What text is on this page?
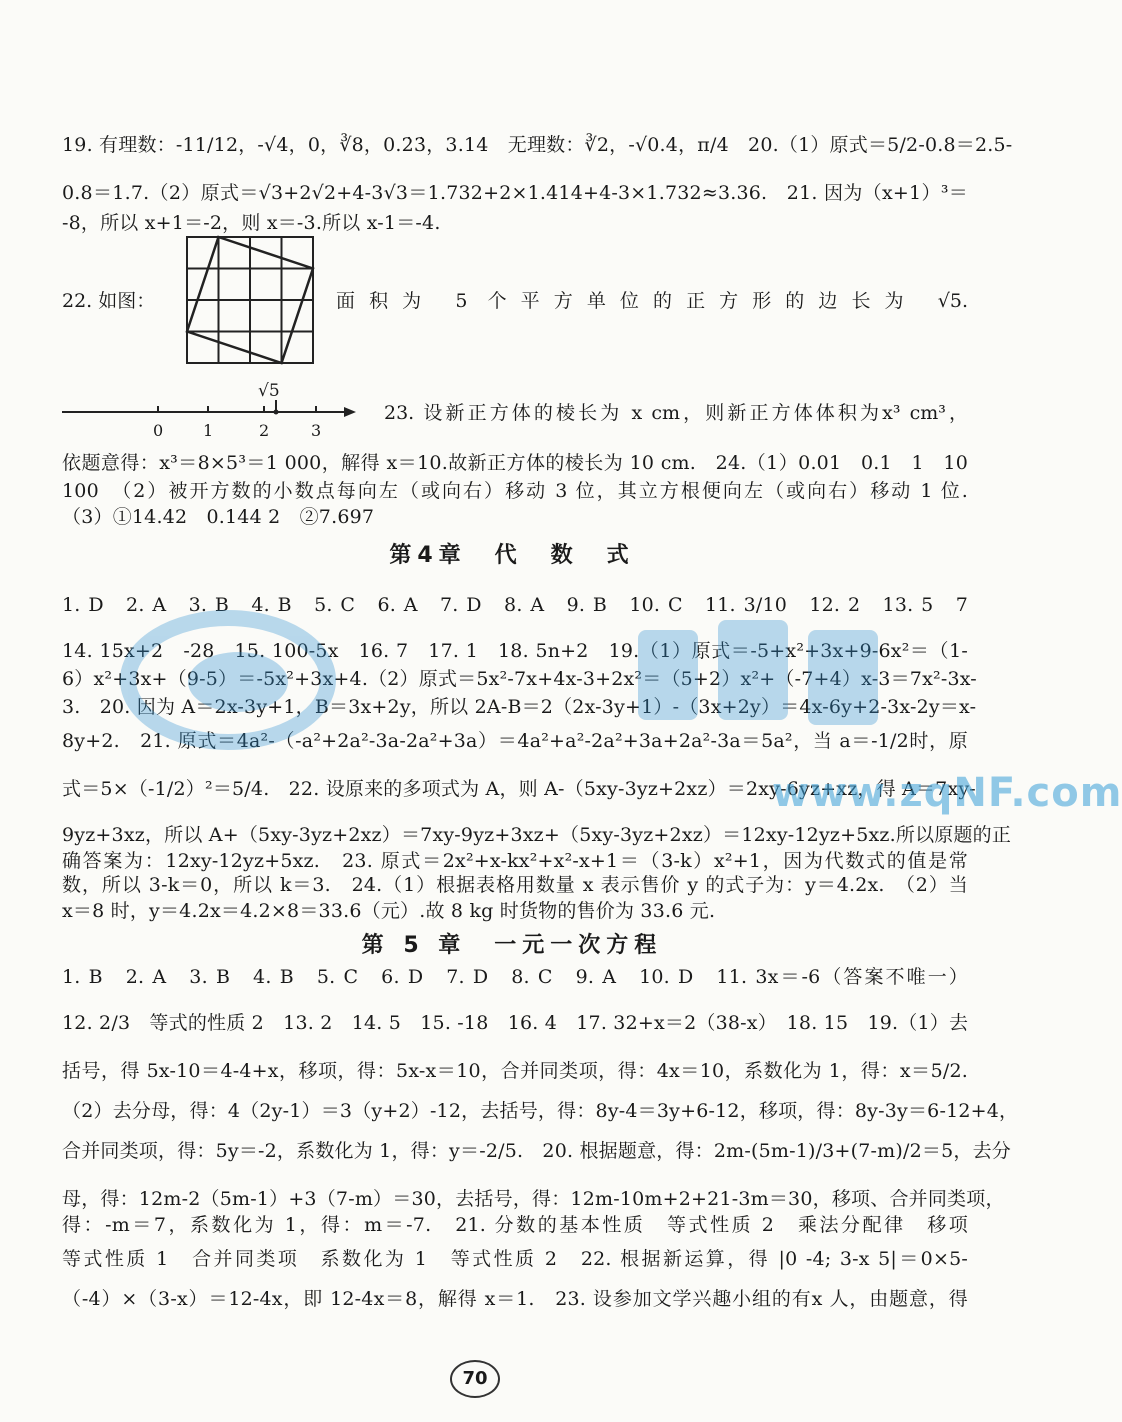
19. 有理数：-11/12，-√4，0，∛8，0.2̇3̇，3.14　无理数：∛2，-√0.4，π/4　20.（1）原式＝5/2-0.8＝2.5-
0.8＝1.7.（2）原式＝√3+2√2+4-3√3＝1.732+2×1.414+4-3×1.732≈3.36.　21. 因为（x+1）³＝
-8，所以 x+1＝-2，则 x＝-3.所以 x-1＝-4.
22. 如图：	面积为 5 个平方单位的正方形的边长为 √5.
√5
0 1	2	3
23. 设新正方体的棱长为 x cm，则新正方体体积为x³ cm³，
依题意得：x³＝8×5³＝1 000，解得 x＝10.故新正方体的棱长为 10 cm.　24.（1）0.01　0.1　1　10
100　（2）被开方数的小数点每向左（或向右）移动 3 位，其立方根便向左（或向右）移动 1 位.
（3）①14.42　0.144 2　②7.697
第4章　代　数　式
1. D　2. A　3. B　4. B　5. C　6. A　7. D　8. A　9. B　10. C　11. 3/10　12. 2　13. 5　7
14. 15x+2　-28　15. 100-5x　16. 7　17. 1　18. 5n+2　19.（1）原式＝-5+x²+3x+9-6x²＝（1-
6）x²+3x+（9-5）＝-5x²+3x+4.（2）原式＝5x²-7x+4x-3+2x²＝（5+2）x²+（-7+4）x-3＝7x²-3x-
3.　20. 因为 A＝2x-3y+1，B＝3x+2y，所以 2A-B＝2（2x-3y+1）-（3x+2y）＝4x-6y+2-3x-2y＝x-
8y+2.　21. 原式＝4a²-（-a²+2a²-3a-2a²+3a）＝4a²+a²-2a²+3a+2a²-3a＝5a²，当 a＝-1/2时，原
式＝5×（-1/2）²＝5/4.　22. 设原来的多项式为 A，则 A-（5xy-3yz+2xz）＝2xy-6yz+xz，得 A＝7xy-
9yz+3xz，所以 A+（5xy-3yz+2xz）＝7xy-9yz+3xz+（5xy-3yz+2xz）＝12xy-12yz+5xz.所以原题的正
确答案为：12xy-12yz+5xz.　23. 原式＝2x²+x-kx²+x²-x+1＝（3-k）x²+1，因为代数式的值是常
数，所以 3-k＝0，所以 k＝3.　24.（1）根据表格用数量 x 表示售价 y 的式子为：y＝4.2x.　（2）当
x＝8 时，y＝4.2x＝4.2×8＝33.6（元）.故 8 kg 时货物的售价为 33.6 元.
第 5 章　一元一次方程
1. B　2. A　3. B　4. B　5. C　6. D　7. D　8. C　9. A　10. D　11. 3x＝-6（答案不唯一）
12. 2/3　等式的性质 2　13. 2　14. 5　15. -18　16. 4　17. 32+x＝2（38-x）　18. 15　19.（1）去
括号，得 5x-10＝4-4+x，移项，得：5x-x＝10，合并同类项，得：4x＝10，系数化为 1，得：x＝5/2.
（2）去分母，得：4（2y-1）＝3（y+2）-12，去括号，得：8y-4＝3y+6-12，移项，得：8y-3y＝6-12+4，
合并同类项，得：5y＝-2，系数化为 1，得：y＝-2/5.　20. 根据题意，得：2m-(5m-1)/3+(7-m)/2＝5，去分
母，得：12m-2（5m-1）+3（7-m）＝30，去括号，得：12m-10m+2+21-3m＝30，移项、合并同类项，
得：-m＝7，系数化为 1，得：m＝-7.　21. 分数的基本性质　等式性质 2　乘法分配律　移项
等式性质 1　合并同类项　系数化为 1　等式性质 2　22. 根据新运算，得 |0 -4; 3-x 5|＝0×5-
（-4）×（3-x）＝12-4x，即 12-4x＝8，解得 x＝1.　23. 设参加文学兴趣小组的有x 人，由题意，得
www.zqNF.com
70
